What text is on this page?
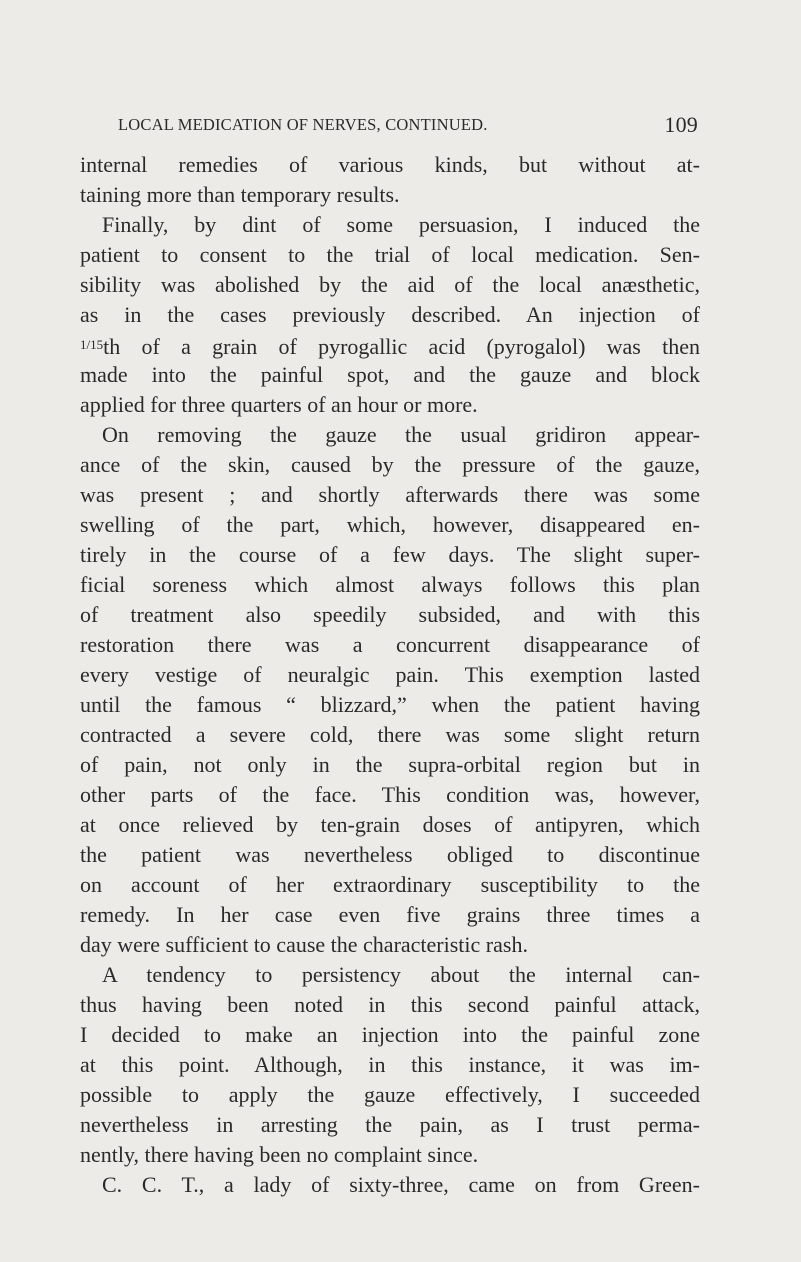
LOCAL MEDICATION OF NERVES, CONTINUED.	109
internal remedies of various kinds, but without at-
taining more than temporary results.
Finally, by dint of some persuasion, I induced the
patient to consent to the trial of local medication. Sen-
sibility was abolished by the aid of the local anæsthetic,
as in the cases previously described. An injection of
$^{1/15}$th of a grain of pyrogallic acid (pyrogalol) was then
made into the painful spot, and the gauze and block
applied for three quarters of an hour or more.
On removing the gauze the usual gridiron appear-
ance of the skin, caused by the pressure of the gauze,
was present ; and shortly afterwards there was some
swelling of the part, which, however, disappeared en-
tirely in the course of a few days. The slight super-
ficial soreness which almost always follows this plan
of treatment also speedily subsided, and with this
restoration there was a concurrent disappearance of
every vestige of neuralgic pain. This exemption lasted
until the famous “ blizzard,” when the patient having
contracted a severe cold, there was some slight return
of pain, not only in the supra-orbital region but in
other parts of the face. This condition was, however,
at once relieved by ten-grain doses of antipyren, which
the patient was nevertheless obliged to discontinue
on account of her extraordinary susceptibility to the
remedy. In her case even five grains three times a
day were sufficient to cause the characteristic rash.
A tendency to persistency about the internal can-
thus having been noted in this second painful attack,
I decided to make an injection into the painful zone
at this point. Although, in this instance, it was im-
possible to apply the gauze effectively, I succeeded
nevertheless in arresting the pain, as I trust perma-
nently, there having been no complaint since.
C. C. T., a lady of sixty-three, came on from Green-
